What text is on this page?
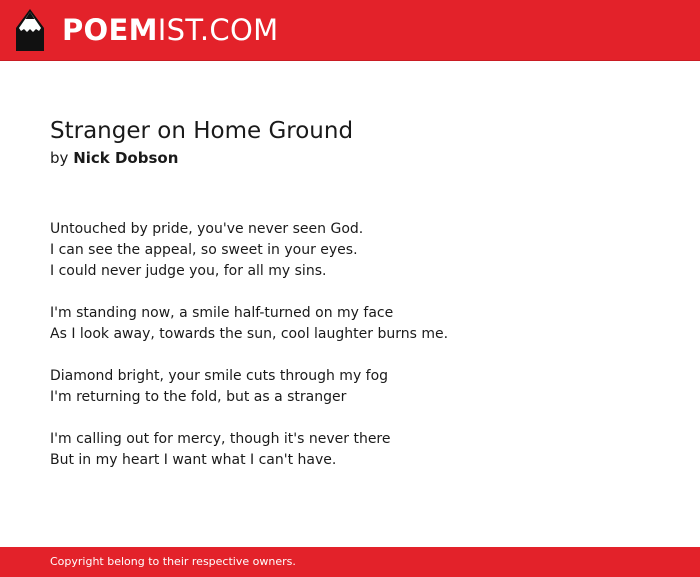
POEMIST.COM
Stranger on Home Ground

by Nick Dobson

Untouched by pride, you've never seen God.
I can see the appeal, so sweet in your eyes.
I could never judge you, for all my sins.

I'm standing now, a smile half-turned on my face
As I look away, towards the sun, cool laughter burns me.

Diamond bright, your smile cuts through my fog
I'm returning to the fold, but as a stranger

I'm calling out for mercy, though it's never there
But in my heart I want what I can't have.

Copyright belong to their respective owners.
